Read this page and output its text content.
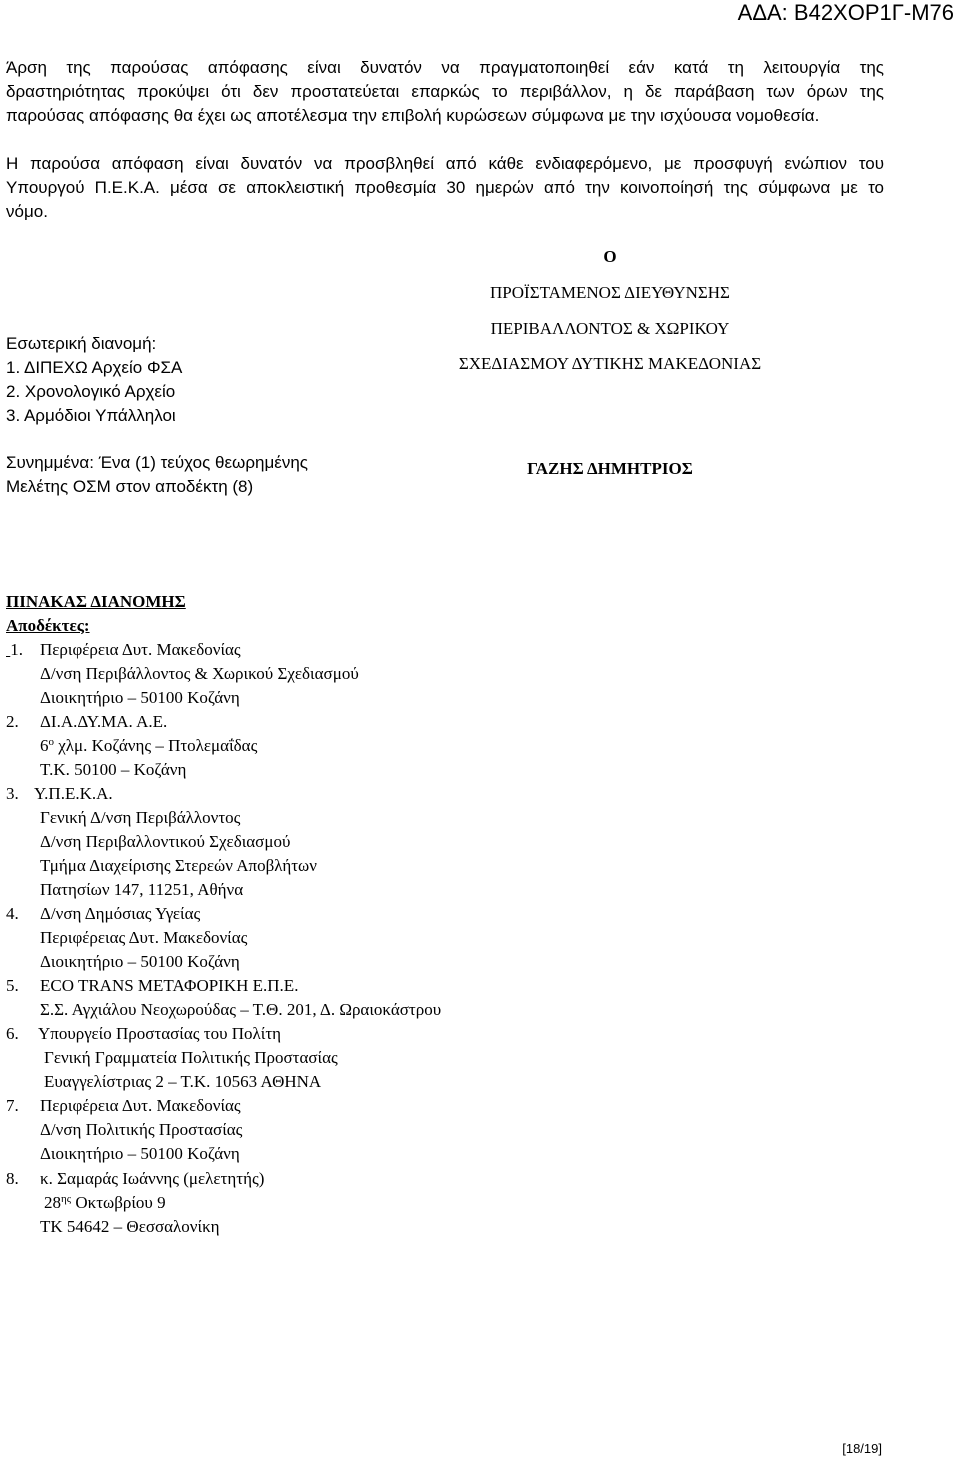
ΑΔΑ: Β42ΧΟΡ1Γ-Μ76
Άρση της παρούσας απόφασης είναι δυνατόν να πραγματοποιηθεί εάν κατά τη λειτουργία της
δραστηριότητας προκύψει ότι δεν προστατεύεται επαρκώς το περιβάλλον, η δε παράβαση των όρων της
παρούσας απόφασης θα έχει ως αποτέλεσμα την επιβολή κυρώσεων σύμφωνα με την ισχύουσα νομοθεσία.
Η παρούσα απόφαση είναι δυνατόν να προσβληθεί από κάθε ενδιαφερόμενο, με προσφυγή ενώπιον του
Υπουργού Π.Ε.Κ.Α. μέσα σε αποκλειστική προθεσμία 30 ημερών από την κοινοποίησή της σύμφωνα με το
νόμο.
Ο
ΠΡΟΪΣΤΑΜΕΝΟΣ ΔΙΕΥΘΥΝΣΗΣ
ΠΕΡΙΒΑΛΛΟΝΤΟΣ & ΧΩΡΙΚΟΥ
ΣΧΕΔΙΑΣΜΟΥ ΔΥΤΙΚΗΣ ΜΑΚΕΔΟΝΙΑΣ
ΓΑΖΗΣ ΔΗΜΗΤΡΙΟΣ
Εσωτερική διανομή:
1. ΔΙΠΕΧΩ Αρχείο ΦΣΑ
2. Χρονολογικό Αρχείο
3. Αρμόδιοι Υπάλληλοι
Συνημμένα: Ένα (1) τεύχος θεωρημένης
Μελέτης ΟΣΜ στον αποδέκτη (8)
ΠΙΝΑΚΑΣ ΔΙΑΝΟΜΗΣ
Αποδέκτες:
1. Περιφέρεια Δυτ. Μακεδονίας
Δ/νση Περιβάλλοντος & Χωρικού Σχεδιασμού
Διοικητήριο – 50100 Κοζάνη
2. ΔΙ.Α.ΔΥ.ΜΑ. Α.Ε.
6$^o$ χλμ. Κοζάνης – Πτολεμαΐδας
Τ.Κ. 50100 – Κοζάνη
3. Υ.Π.Ε.Κ.Α.
Γενική Δ/νση Περιβάλλοντος
Δ/νση Περιβαλλοντικού Σχεδιασμού
Τμήμα Διαχείρισης Στερεών Αποβλήτων
Πατησίων 147, 11251, Αθήνα
4. Δ/νση Δημόσιας Υγείας
Περιφέρειας Δυτ. Μακεδονίας
Διοικητήριο – 50100 Κοζάνη
5. ECO TRANS ΜΕΤΑΦΟΡΙΚΗ Ε.Π.Ε.
Σ.Σ. Αγχιάλου Νεοχωρούδας – Τ.Θ. 201, Δ. Ωραιοκάστρου
6. Υπουργείο Προστασίας του Πολίτη
Γενική Γραμματεία Πολιτικής Προστασίας
Ευαγγελίστριας 2 – Τ.Κ. 10563 ΑΘΗΝΑ
7. Περιφέρεια Δυτ. Μακεδονίας
Δ/νση Πολιτικής Προστασίας
Διοικητήριο – 50100 Κοζάνη
8. κ. Σαμαράς Ιωάννης (μελετητής)
$28^{\eta\varsigma}$ Οκτωβρίου 9
ΤΚ 54642 – Θεσσαλονίκη
[18/19]
